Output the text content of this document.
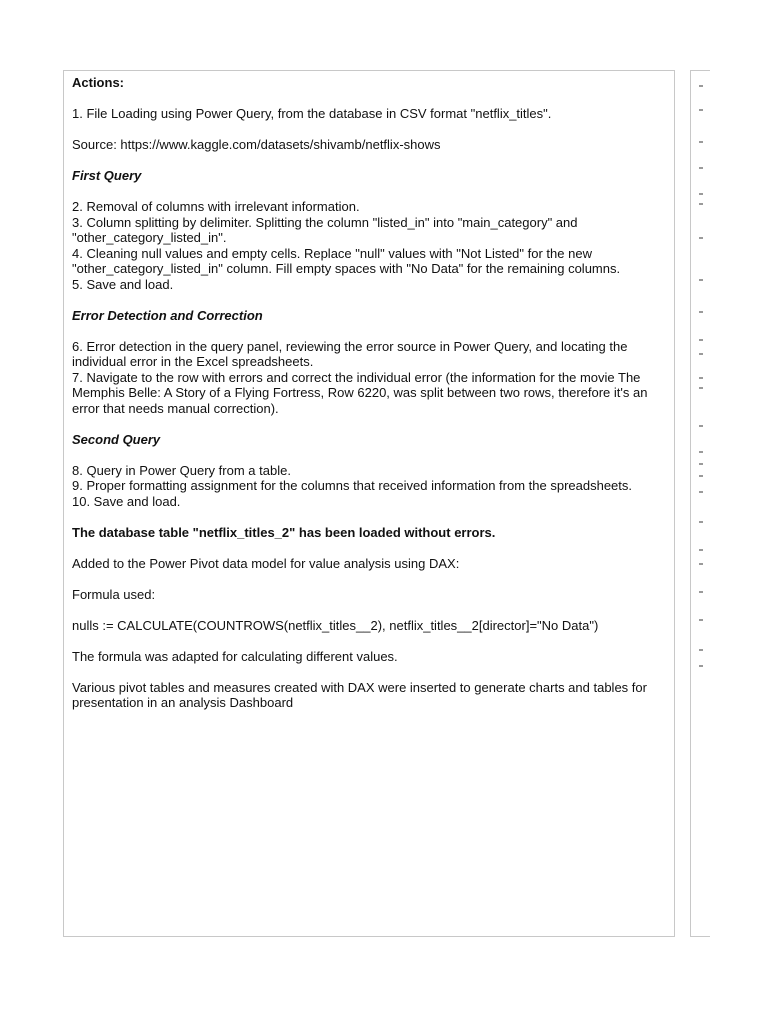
Actions:

1. File Loading using Power Query, from the database in CSV format "netflix_titles".

Source: https://www.kaggle.com/datasets/shivamb/netflix-shows

First Query

2. Removal of columns with irrelevant information.

3. Column splitting by delimiter. Splitting the column "listed_in" into "main_category" and "other_category_listed_in".

4. Cleaning null values and empty cells. Replace "null" values with "Not Listed" for the new "other_category_listed_in" column. Fill empty spaces with "No Data" for the remaining columns.

5. Save and load.

Error Detection and Correction

6. Error detection in the query panel, reviewing the error source in Power Query, and locating the individual error in the Excel spreadsheets.

7. Navigate to the row with errors and correct the individual error (the information for the movie The Memphis Belle: A Story of a Flying Fortress, Row 6220, was split between two rows, therefore it's an error that needs manual correction).

Second Query

8. Query in Power Query from a table.

9. Proper formatting assignment for the columns that received information from the spreadsheets.

10. Save and load.

The database table "netflix_titles_2" has been loaded without errors.

Added to the Power Pivot data model for value analysis using DAX:

Formula used:

nulls := CALCULATE(COUNTROWS(netflix_titles__2), netflix_titles__2[director]="No Data")

The formula was adapted for calculating different values.

Various pivot tables and measures created with DAX were inserted to generate charts and tables for presentation in an analysis Dashboard
